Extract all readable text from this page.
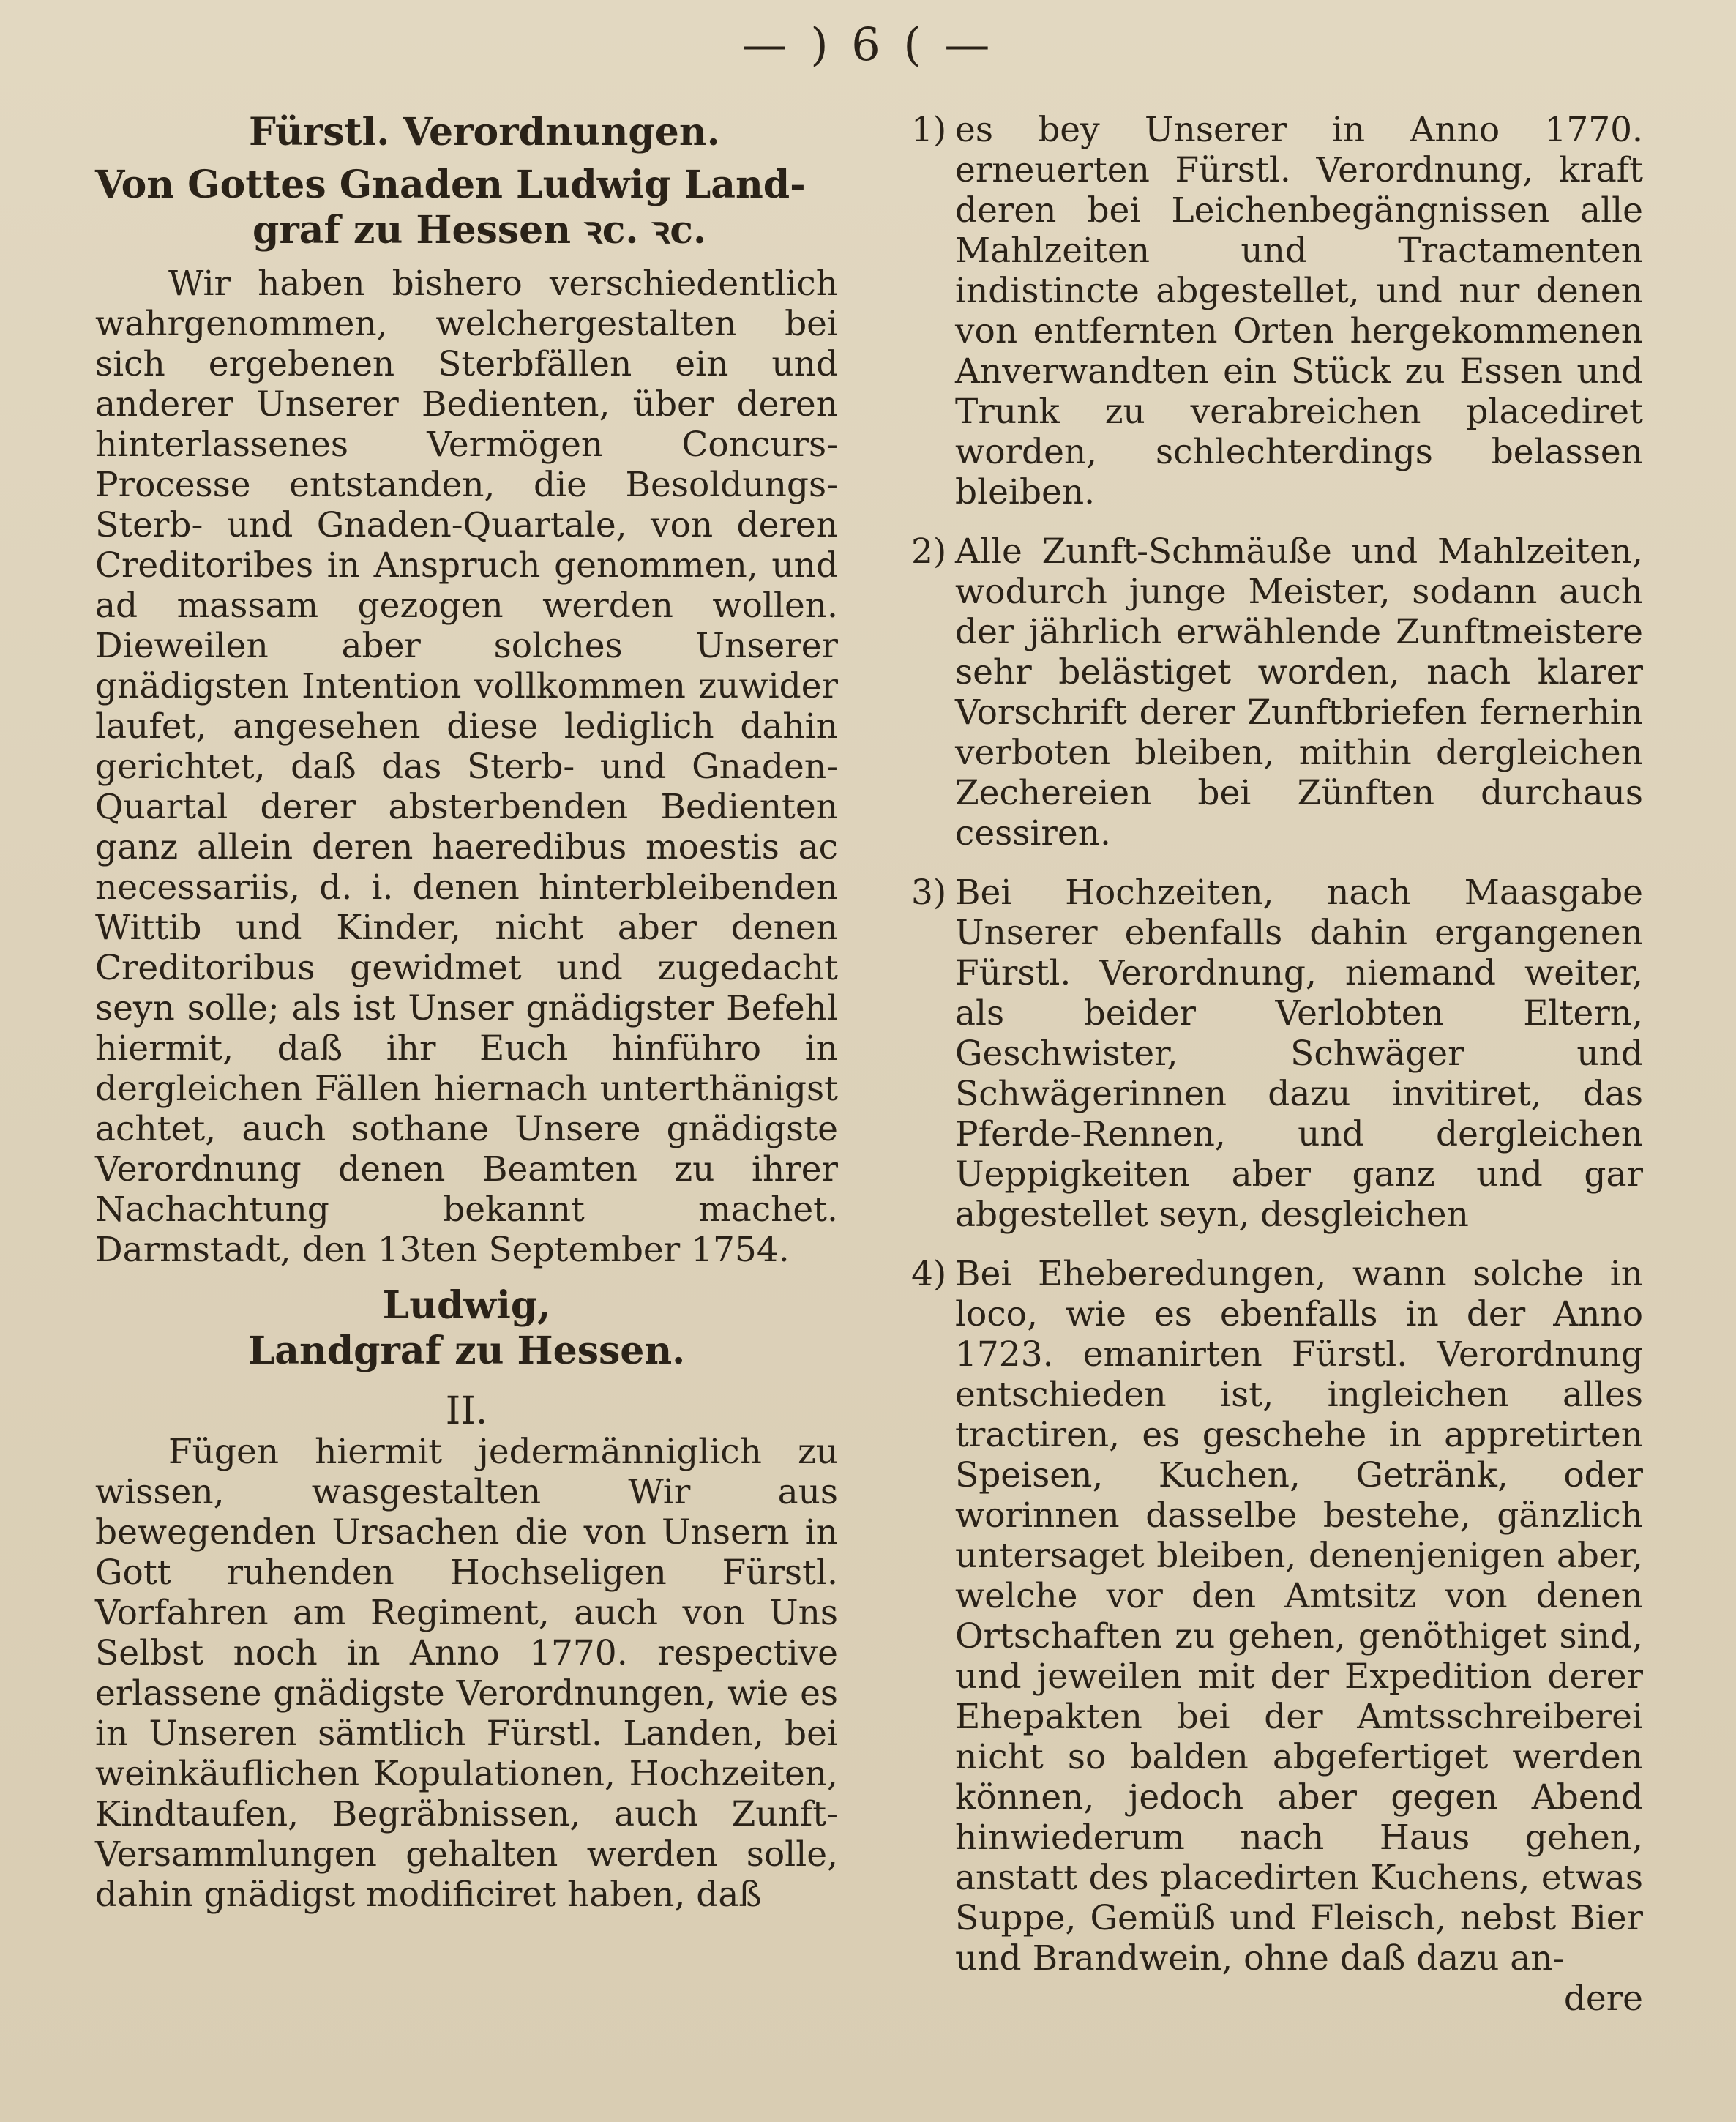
— ) 6 ( —
Fürstl. Verordnungen.
Von Gottes Gnaden Ludwig Land-
graf zu Hessen ꝛc. ꝛc.
Wir haben bishero verschiedentlich wahrgenommen, welchergestalten bei sich ergebenen Sterbfällen ein und anderer Unserer Bedienten, über deren hinterlassenes Vermögen Concurs-Processe entstanden, die Besoldungs- Sterb- und Gnaden-Quartale, von deren Creditoribes in Anspruch genommen, und ad massam gezogen werden wollen. Dieweilen aber solches Unserer gnädigsten Intention vollkommen zuwider laufet, angesehen diese lediglich dahin gerichtet, daß das Sterb- und Gnaden-Quartal derer absterbenden Bedienten ganz allein deren haeredibus moestis ac necessariis, d. i. denen hinterbleibenden Wittib und Kinder, nicht aber denen Creditoribus gewidmet und zugedacht seyn solle; als ist Unser gnädigster Befehl hiermit, daß ihr Euch hinführo in dergleichen Fällen hiernach unterthänigst achtet, auch sothane Unsere gnädigste Verordnung denen Beamten zu ihrer Nachachtung bekannt machet. Darmstadt, den 13ten September 1754.
Ludwig,
Landgraf zu Hessen.
II.
Fügen hiermit jedermänniglich zu wissen, wasgestalten Wir aus bewegenden Ursachen die von Unsern in Gott ruhenden Hochseligen Fürstl. Vorfahren am Regiment, auch von Uns Selbst noch in Anno 1770. respective erlassene gnädigste Verordnungen, wie es in Unseren sämtlich Fürstl. Landen, bei weinkäuflichen Kopulationen, Hochzeiten, Kindtaufen, Begräbnissen, auch Zunft-Versammlungen gehalten werden solle, dahin gnädigst modificiret haben, daß
1) es bey Unserer in Anno 1770. erneuerten Fürstl. Verordnung, kraft deren bei Leichenbegängnissen alle Mahlzeiten und Tractamenten indistincte abgestellet, und nur denen von entfernten Orten hergekommenen Anverwandten ein Stück zu Essen und Trunk zu verabreichen placediret worden, schlechterdings belassen bleiben.
2) Alle Zunft-Schmäuße und Mahlzeiten, wodurch junge Meister, sodann auch der jährlich erwählende Zunftmeistere sehr belästiget worden, nach klarer Vorschrift derer Zunftbriefen fernerhin verboten bleiben, mithin dergleichen Zechereien bei Zünften durchaus cessiren.
3) Bei Hochzeiten, nach Maasgabe Unserer ebenfalls dahin ergangenen Fürstl. Verordnung, niemand weiter, als beider Verlobten Eltern, Geschwister, Schwäger und Schwägerinnen dazu invitiret, das Pferde-Rennen, und dergleichen Ueppigkeiten aber ganz und gar abgestellet seyn, desgleichen
4) Bei Eheberedungen, wann solche in loco, wie es ebenfalls in der Anno 1723. emanirten Fürstl. Verordnung entschieden ist, ingleichen alles tractiren, es geschehe in appretirten Speisen, Kuchen, Getränk, oder worinnen dasselbe bestehe, gänzlich untersaget bleiben, denenjenigen aber, welche vor den Amtsitz von denen Ortschaften zu gehen, genöthiget sind, und jeweilen mit der Expedition derer Ehepakten bei der Amtsschreiberei nicht so balden abgefertiget werden können, jedoch aber gegen Abend hinwiederum nach Haus gehen, anstatt des placedirten Kuchens, etwas Suppe, Gemüß und Fleisch, nebst Bier und Brandwein, ohne daß dazu an-
dere
